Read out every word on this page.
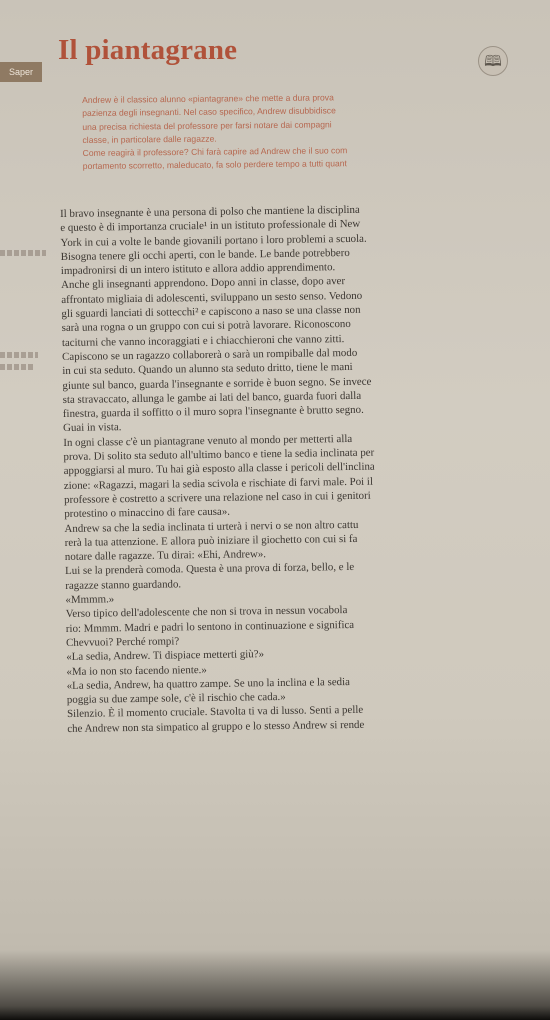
Saper
Il piantagrane	🕮
Andrew è il classico alunno «piantagrane» che mette a dura prova
pazienza degli insegnanti. Nel caso specifico, Andrew disubbidisce
una precisa richiesta del professore per farsi notare dai compagni
classe, in particolare dalle ragazze.
Come reagirà il professore? Chi farà capire ad Andrew che il suo com
portamento scorretto, maleducato, fa solo perdere tempo a tutti quant
Il bravo insegnante è una persona di polso che mantiene la disciplina
e questo è di importanza cruciale¹ in un istituto professionale di New
York in cui a volte le bande giovanili portano i loro problemi a scuola.
Bisogna tenere gli occhi aperti, con le bande. Le bande potrebbero
impadronirsi di un intero istituto e allora addio apprendimento.
Anche gli insegnanti apprendono. Dopo anni in classe, dopo aver
affrontato migliaia di adolescenti, sviluppano un sesto senso. Vedono
gli sguardi lanciati di sottecchi² e capiscono a naso se una classe non
sarà una rogna o un gruppo con cui si potrà lavorare. Riconoscono
taciturni che vanno incoraggiati e i chiacchieroni che vanno zitti.
Capiscono se un ragazzo collaborerà o sarà un rompiballe dal modo
in cui sta seduto. Quando un alunno sta seduto dritto, tiene le mani
giunte sul banco, guarda l'insegnante e sorride è buon segno. Se invece
sta stravaccato, allunga le gambe ai lati del banco, guarda fuori dalla
finestra, guarda il soffitto o il muro sopra l'insegnante è brutto segno.
Guai in vista.
In ogni classe c'è un piantagrane venuto al mondo per metterti alla
prova. Di solito sta seduto all'ultimo banco e tiene la sedia inclinata per
appoggiarsi al muro. Tu hai già esposto alla classe i pericoli dell'inclina
zione: «Ragazzi, magari la sedia scivola e rischiate di farvi male. Poi il
professore è costretto a scrivere una relazione nel caso in cui i genitori
protestino o minaccino di fare causa».
Andrew sa che la sedia inclinata ti urterà i nervi o se non altro cattu
rerà la tua attenzione. E allora può iniziare il giochetto con cui si fa
notare dalle ragazze. Tu dirai: «Ehi, Andrew».
Lui se la prenderà comoda. Questa è una prova di forza, bello, e le
ragazze stanno guardando.
«Mmmm.»
Verso tipico dell'adolescente che non si trova in nessun vocabola
rio: Mmmm. Madri e padri lo sentono in continuazione e significa
Chevvuoi? Perché rompi?
«La sedia, Andrew. Ti dispiace metterti giù?»
«Ma io non sto facendo niente.»
«La sedia, Andrew, ha quattro zampe. Se uno la inclina e la sedia
poggia su due zampe sole, c'è il rischio che cada.»
Silenzio. È il momento cruciale. Stavolta ti va di lusso. Senti a pelle
che Andrew non sta simpatico al gruppo e lo stesso Andrew si rende
